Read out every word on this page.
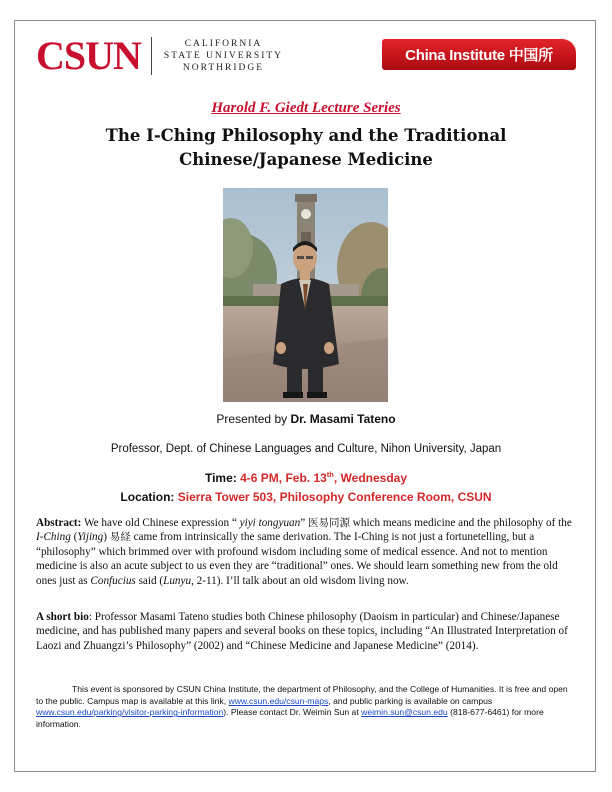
CSUN	CALIFORNIA
STATE UNIVERSITY
NORTHRIDGE
China Institute 中国所
Harold F. Giedt Lecture Series
The I-Ching Philosophy and the Traditional Chinese/Japanese Medicine
Presented by Dr. Masami Tateno
Professor, Dept. of Chinese Languages and Culture, Nihon University, Japan
Time: 4-6 PM, Feb. 13th, Wednesday
Location: Sierra Tower 503, Philosophy Conference Room, CSUN
Abstract: We have old Chinese expression “ yiyi tongyuan” 医易同源 which means medicine and the philosophy of the I-Ching (Yijing) 易経 came from intrinsically the same derivation. The I-Ching is not just a fortunetelling, but a “philosophy” which brimmed over with profound wisdom including some of medical essence. And not to mention medicine is also an acute subject to us even they are “traditional” ones. We should learn something new from the old ones just as Confucius said (Lunyu, 2-11). I’ll talk about an old wisdom living now.
A short bio: Professor Masami Tateno studies both Chinese philosophy (Daoism in particular) and Chinese/Japanese medicine, and has published many papers and several books on these topics, including “An Illustrated Interpretation of Laozi and Zhuangzi’s Philosophy” (2002) and “Chinese Medicine and Japanese Medicine” (2014).
This event is sponsored by CSUN China Institute, the department of Philosophy, and the College of Humanities. It is free and open to the public. Campus map is available at this link, www.csun.edu/csun-maps, and public parking is available on campus www.csun.edu/parking/visitor-parking-information). Please contact Dr. Weimin Sun at weimin.sun@csun.edu (818-677-6461) for more information.
